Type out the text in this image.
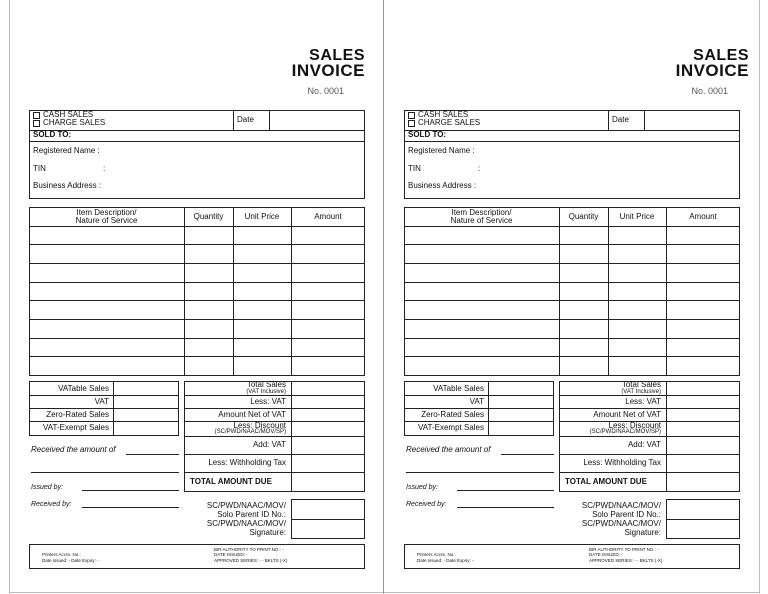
SALES
INVOICE
No. 0001
CASH SALES
CHARGE SALES	Date
SOLD TO:
Registered Name :
TIN	:
Business Address :
Item Description/
Nature of Service	Quantity	Unit Price	Amount
VATable Sales
VAT
Zero-Rated Sales
VAT-Exempt Sales
Total Sales
(VAT Inclusive)
Less: VAT
Amount Net of VAT
Less: Discount
(SC/PWD/NAAC/MOV/SP)
Add: VAT
Less: Withholding Tax
TOTAL AMOUNT DUE
Received the amount of
Issued by:
Received by:	SC/PWD/NAAC/MOV/
Solo Parent ID No.:
SC/PWD/NAAC/MOV/
Signature:
Printers Accre. No.:
Date Issued: - Date Expiry: -
BIR AUTHORITY TO PRINT NO.: -
DATE ISSUED: -
APPROVED SERIES: - - BKLTS (-X)
SALES
INVOICE
No. 0001
CASH SALES
CHARGE SALES	Date
SOLD TO:
Registered Name :
TIN	:
Business Address :
Item Description/
Nature of Service	Quantity	Unit Price	Amount
VATable Sales
VAT
Zero-Rated Sales
VAT-Exempt Sales
Total Sales
(VAT Inclusive)
Less: VAT
Amount Net of VAT
Less: Discount
(SC/PWD/NAAC/MOV/SP)
Add: VAT
Less: Withholding Tax
TOTAL AMOUNT DUE
Received the amount of
Issued by:
Received by:	SC/PWD/NAAC/MOV/
Solo Parent ID No.:
SC/PWD/NAAC/MOV/
Signature:
Printers Accre. No.:
Date Issued: - Date Expiry: -
BIR AUTHORITY TO PRINT NO.: -
DATE ISSUED: -
APPROVED SERIES: - - BKLTS (-X)
